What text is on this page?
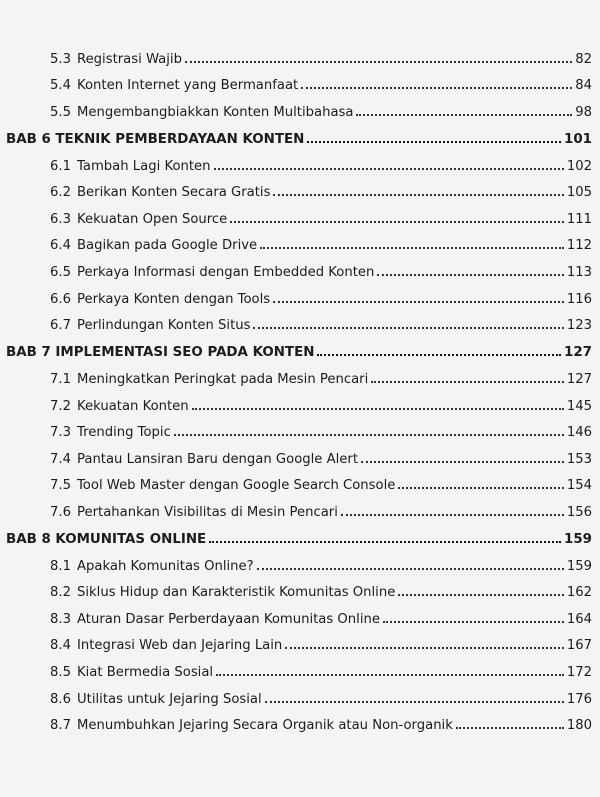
5.3 Registrasi Wajib	82
5.4 Konten Internet yang Bermanfaat	84
5.5 Mengembangbiakkan Konten Multibahasa	98
BAB 6 TEKNIK PEMBERDAYAAN KONTEN	101
6.1 Tambah Lagi Konten	102
6.2 Berikan Konten Secara Gratis	105
6.3 Kekuatan Open Source	111
6.4 Bagikan pada Google Drive	112
6.5 Perkaya Informasi dengan Embedded Konten	113
6.6 Perkaya Konten dengan Tools	116
6.7 Perlindungan Konten Situs	123
BAB 7 IMPLEMENTASI SEO PADA KONTEN	127
7.1 Meningkatkan Peringkat pada Mesin Pencari	127
7.2 Kekuatan Konten	145
7.3 Trending Topic	146
7.4 Pantau Lansiran Baru dengan Google Alert	153
7.5 Tool Web Master dengan Google Search Console	154
7.6 Pertahankan Visibilitas di Mesin Pencari	156
BAB 8 KOMUNITAS ONLINE	159
8.1 Apakah Komunitas Online?	159
8.2 Siklus Hidup dan Karakteristik Komunitas Online	162
8.3 Aturan Dasar Perberdayaan Komunitas Online	164
8.4 Integrasi Web dan Jejaring Lain	167
8.5 Kiat Bermedia Sosial	172
8.6 Utilitas untuk Jejaring Sosial	176
8.7 Menumbuhkan Jejaring Secara Organik atau Non-organik	180
